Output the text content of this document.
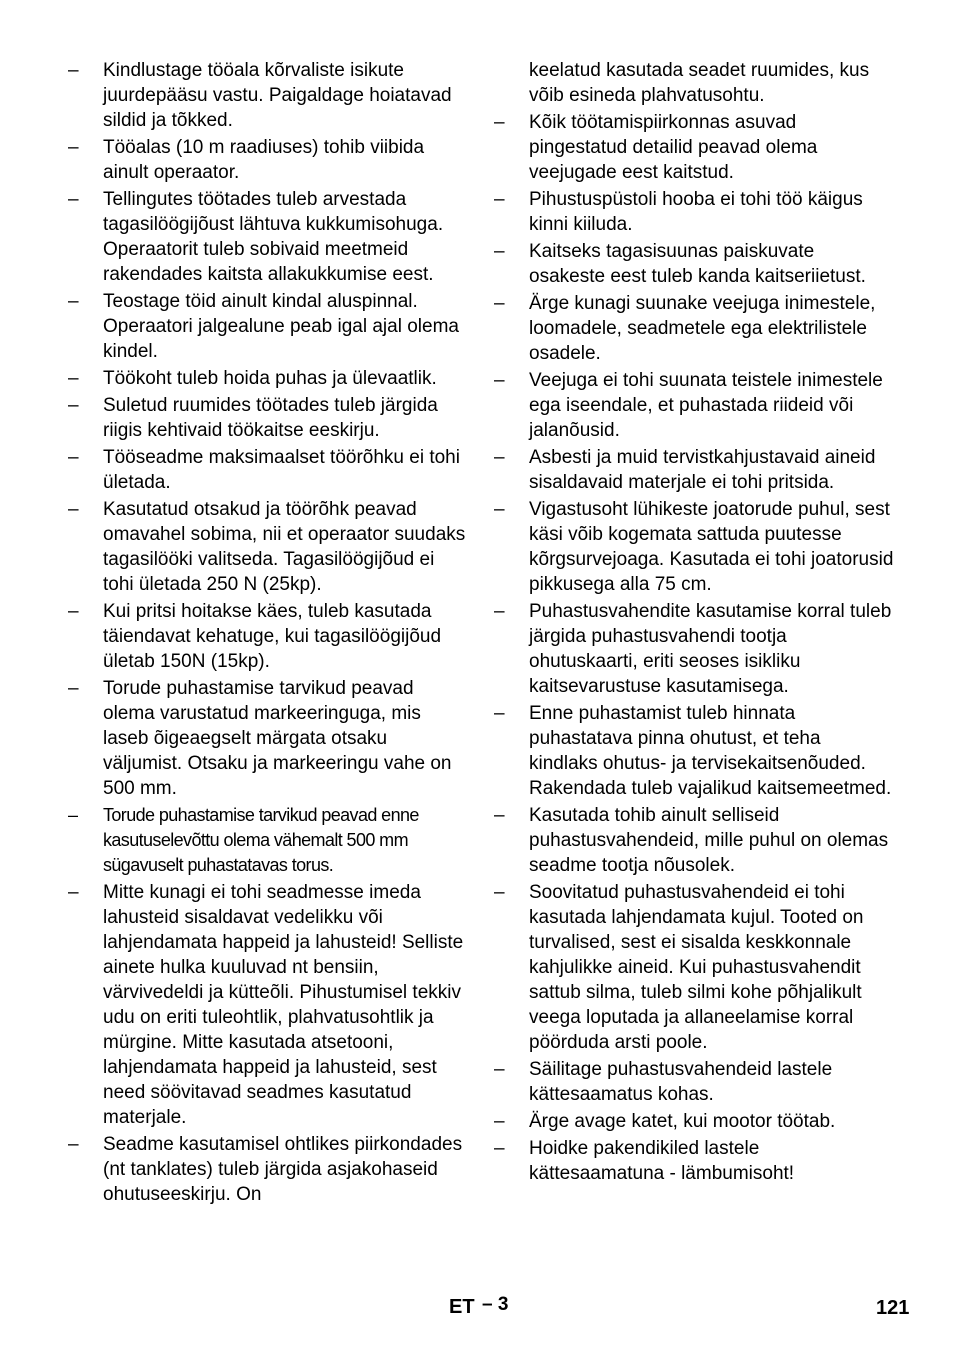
– Kindlustage tööala kõrvaliste isikute juurdepääsu vastu. Paigaldage hoiatavad sildid ja tõkked.
– Tööalas (10 m raadiuses) tohib viibida ainult operaator.
– Tellingutes töötades tuleb arvestada tagasilöögijõust lähtuva kukkumisohuga. Operaatorit tuleb sobivaid meetmeid rakendades kaitsta allakukkumise eest.
– Teostage töid ainult kindal aluspinnal. Operaatori jalgealune peab igal ajal olema kindel.
– Töökoht tuleb hoida puhas ja ülevaatlik.
– Suletud ruumides töötades tuleb järgida riigis kehtivaid töökaitse eeskirju.
– Tööseadme maksimaalset töörõhku ei tohi ületada.
– Kasutatud otsakud ja töörõhk peavad omavahel sobima, nii et operaator suudaks tagasilööki valitseda. Tagasilöögijõud ei tohi ületada 250 N (25kp).
– Kui pritsi hoitakse käes, tuleb kasutada täiendavat kehatuge, kui tagasilöögijõud ületab 150N (15kp).
– Torude puhastamise tarvikud peavad olema varustatud markeeringuga, mis laseb õigeaegselt märgata otsaku väljumist. Otsaku ja markeeringu vahe on 500 mm.
– Torude puhastamise tarvikud peavad enne kasutuselevõttu olema vähemalt 500 mm sügavuselt puhastatavas torus.
– Mitte kunagi ei tohi seadmesse imeda lahusteid sisaldavat vedelikku või lahjendamata happeid ja lahusteid! Selliste ainete hulka kuuluvad nt bensiin, värvivedeldi ja kütteõli. Pihustumisel tekkiv udu on eriti tuleohtlik, plahvatusohtlik ja mürgine. Mitte kasutada atsetooni, lahjendamata happeid ja lahusteid, sest need söövitavad seadmes kasutatud materjale.
– Seadme kasutamisel ohtlikes piirkondades (nt tanklates) tuleb järgida asjakohaseid ohutuseeskirju. On
keelatud kasutada seadet ruumides, kus võib esineda plahvatusohtu.
– Kõik töötamispiirkonnas asuvad pingestatud detailid peavad olema veejugade eest kaitstud.
– Pihustuspüstoli hooba ei tohi töö käigus kinni kiiluda.
– Kaitseks tagasisuunas paiskuvate osakeste eest tuleb kanda kaitseriietust.
– Ärge kunagi suunake veejuga inimestele, loomadele, seadmetele ega elektrilistele osadele.
– Veejuga ei tohi suunata teistele inimestele ega iseendale, et puhastada riideid või jalanõusid.
– Asbesti ja muid tervistkahjustavaid aineid sisaldavaid materjale ei tohi pritsida.
– Vigastusoht lühikeste joatorude puhul, sest käsi võib kogemata sattuda puutesse kõrgsurvejoaga. Kasutada ei tohi joatorusid pikkusega alla 75 cm.
– Puhastusvahendite kasutamise korral tuleb järgida puhastusvahendi tootja ohutuskaarti, eriti seoses isikliku kaitsevarustuse kasutamisega.
– Enne puhastamist tuleb hinnata puhastatava pinna ohutust, et teha kindlaks ohutus- ja tervisekaitsenõuded. Rakendada tuleb vajalikud kaitsemeetmed.
– Kasutada tohib ainult selliseid puhastusvahendeid, mille puhul on olemas seadme tootja nõusolek.
– Soovitatud puhastusvahendeid ei tohi kasutada lahjendamata kujul. Tooted on turvalised, sest ei sisalda keskkonnale kahjulikke aineid. Kui puhastusvahendit sattub silma, tuleb silmi kohe põhjalikult veega loputada ja allaneelamise korral pöörduda arsti poole.
– Säilitage puhastusvahendeid lastele kättesaamatus kohas.
– Ärge avage katet, kui mootor töötab.
– Hoidke pakendikiled lastele kättesaamatuna - lämbumisoht!
ET – 3	121
